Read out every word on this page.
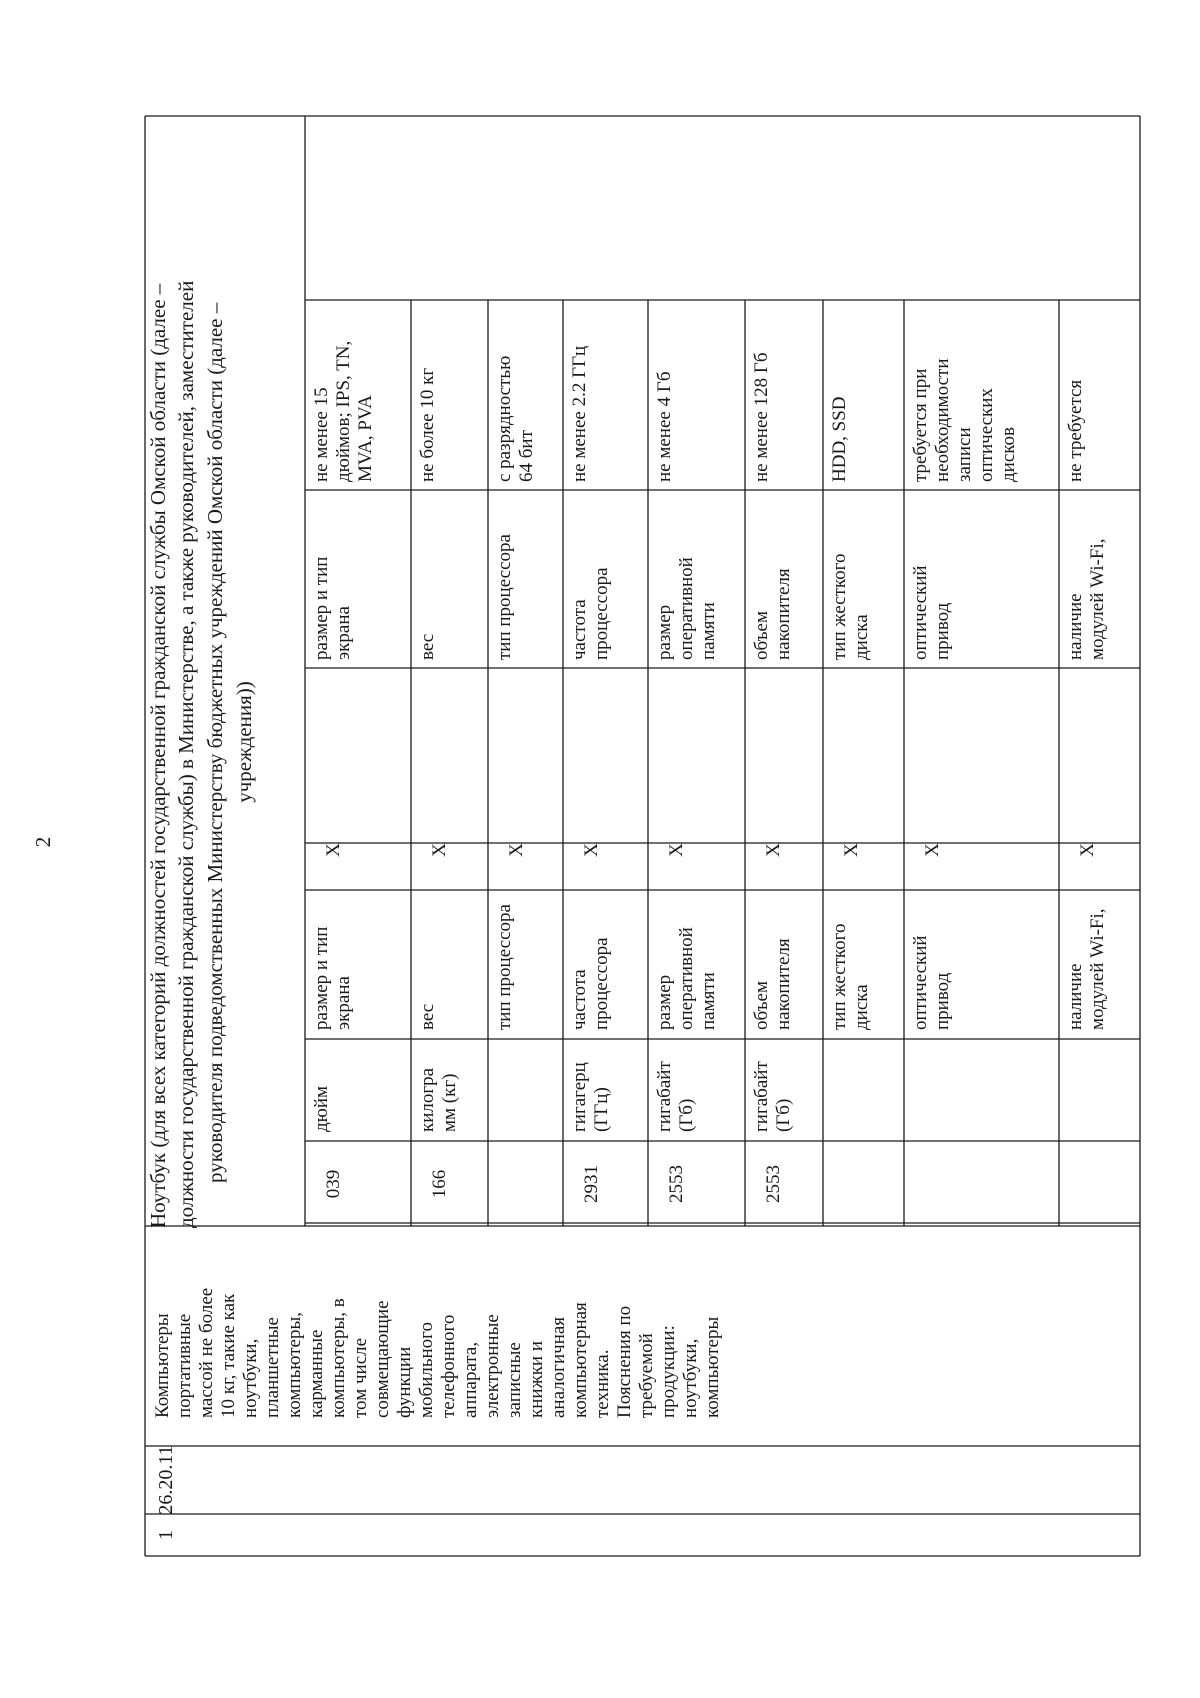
2
1
26.20.11
Компьютеры портативные массой не более 10 кг, такие как ноутбуки, планшетные компьютеры, карманные компьютеры, в том числе совмещающие функции мобильного телефонного аппарата, электронные записные книжки и аналогичная компьютерная техника. Пояснения по требуемой продукции: ноутбуки, компьютеры
Ноутбук (для всех категорий должностей государственной гражданской службы Омской области (далее – должности государственной гражданской службы) в Министерстве, а также руководителей, заместителей руководителя подведомственных Министерству бюджетных учреждений Омской области (далее – учреждения))
039
дюйм
размер и тип экрана
X
размер и тип экрана
не менее 15 дюймов; IPS, TN, MVA, PVA
166
килогра мм (кг)
вес
X
вес
не более 10 кг
тип процессора
X
тип процессора
с разрядностью 64 бит
2931
гигагерц (ГГц)
частота процессора
X
частота процессора
не менее 2.2 ГГц
2553
гигабайт (Гб)
размер оперативной памяти
X
размер оперативной памяти
не менее 4 Гб
2553
гигабайт (Гб)
объем накопителя
X
объем накопителя
не менее 128 Гб
тип жесткого диска
X
тип жесткого диска
HDD, SSD
оптический привод
X
оптический привод
требуется при необходимости записи оптических дисков
наличие модулей Wi-Fi,
X
наличие модулей Wi-Fi,
не требуется
